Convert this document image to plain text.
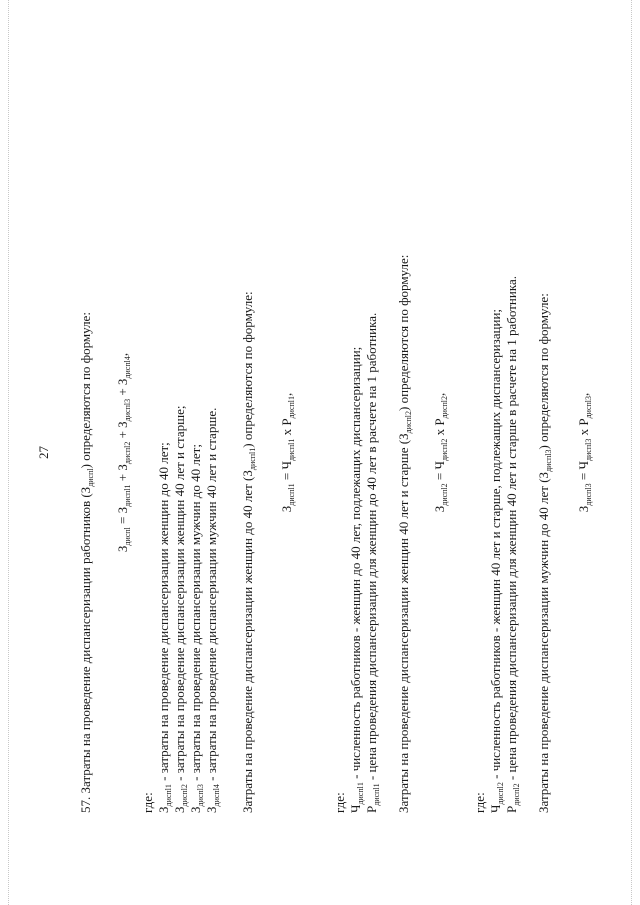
27
57. Затраты на проведение диспансеризации работников $(З_{диспl})$ определяются по формуле:
$З_{диспl} = З_{диспl1} + З_{диспl2} + З_{диспl3} + З_{диспl4}$,
где: $З_{диспl1}$ - затраты на проведение диспансеризации женщин до 40 лет;
$З_{диспl2}$ - затраты на проведение диспансеризации женщин 40 лет и старше;
$З_{диспl3}$ - затраты на проведение диспансеризации мужчин до 40 лет;
$З_{диспl4}$ - затраты на проведение диспансеризации мужчин 40 лет и старше. Затраты на проведение диспансеризации женщин до 40 лет $(З_{диспl1})$ определяются по формуле:
$З_{диспl1} = Ч_{диспl1}$ х $Р_{диспl1}$,
где: $Ч_{диспl1}$ - численность работников - женщин до 40 лет, подлежащих диспансеризации;
$Р_{диспl1}$ - цена проведения диспансеризации для женщин до 40 лет в расчете на 1 работника. Затраты на проведение диспансеризации женщин 40 лет и старше $(З_{диспl2})$ определяются по формуле:
$З_{диспl2} = Ч_{диспl2}$ х $Р_{диспl2}$,
где: $Ч_{диспl2}$ - численность работников - женщин 40 лет и старше, подлежащих диспансеризации;
$Р_{диспl2}$ - цена проведения диспансеризации для женщин 40 лет и старше в расчете на 1 работника. Затраты на проведение диспансеризации мужчин до 40 лет $(З_{диспl3})$ определяются по формуле:
$З_{диспl3} = Ч_{диспl3}$ х $Р_{диспl3}$,
